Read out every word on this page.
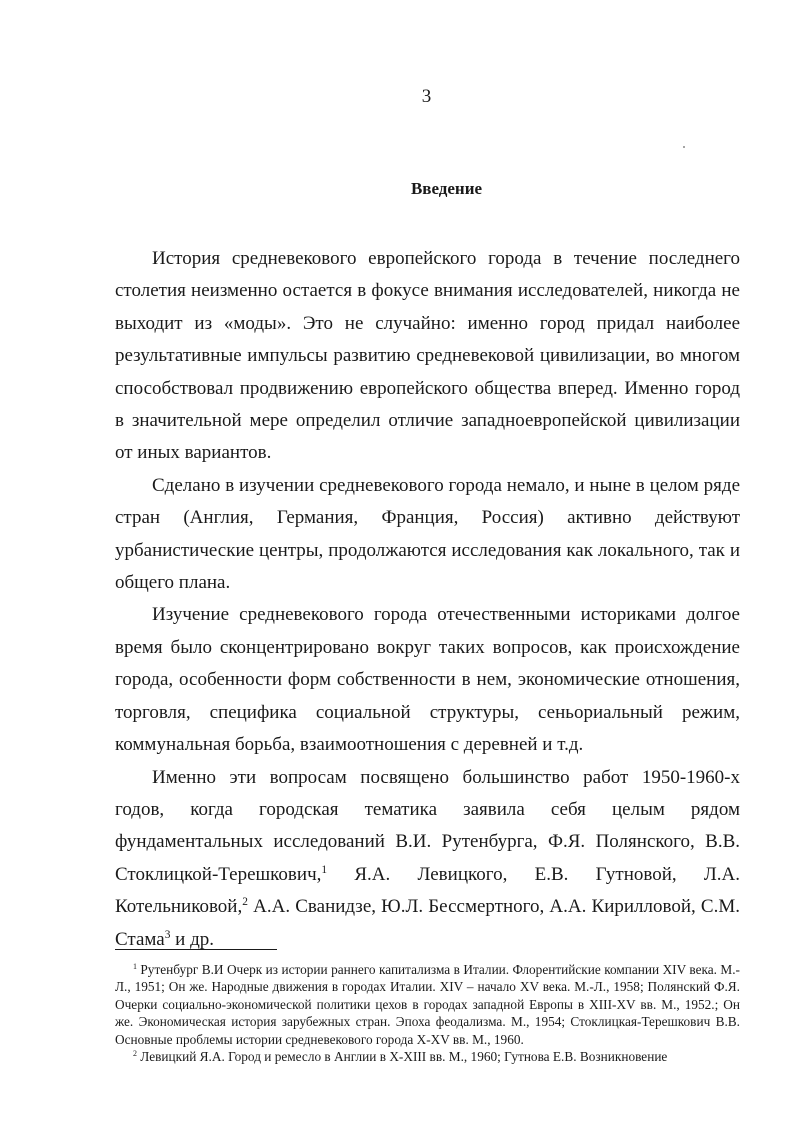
3
Введение

История средневекового европейского города в течение последнего столетия неизменно остается в фокусе внимания исследователей, никогда не выходит из «моды». Это не случайно: именно город придал наиболее результативные импульсы развитию средневековой цивилизации, во многом способствовал продвижению европейского общества вперед. Именно город в значительной мере определил отличие западноевропейской цивилизации от иных вариантов.

Сделано в изучении средневекового города немало, и ныне в целом ряде стран (Англия, Германия, Франция, Россия) активно действуют урбанистические центры, продолжаются исследования как локального, так и общего плана.

Изучение средневекового города отечественными историками долгое время было сконцентрировано вокруг таких вопросов, как происхождение города, особенности форм собственности в нем, экономические отношения, торговля, специфика социальной структуры, сеньориальный режим, коммунальная борьба, взаимоотношения с деревней и т.д.

Именно эти вопросам посвящено большинство работ 1950-1960-х годов, когда городская тематика заявила себя целым рядом фундаментальных исследований В.И. Рутенбурга, Ф.Я. Полянского, В.В. Стоклицкой-Терешкович,$^1$ Я.А. Левицкого, Е.В. Гутновой, Л.А. Котельниковой,$^2$ А.А. Сванидзе, Ю.Л. Бессмертного, А.А. Кирилловой, С.М. Стама$^3$ и др.

$^1$ Рутенбург В.И Очерк из истории раннего капитализма в Италии. Флорентийские компании XIV века. М.-Л., 1951; Он же. Народные движения в городах Италии. XIV – начало XV века. М.-Л., 1958; Полянский Ф.Я. Очерки социально-экономической политики цехов в городах западной Европы в XIII-XV вв. М., 1952.; Он же. Экономическая история зарубежных стран. Эпоха феодализма. М., 1954; Стоклицкая-Терешкович В.В. Основные проблемы истории средневекового города X-XV вв. М., 1960.

$^2$ Левицкий Я.А. Город и ремесло в Англии в X-XIII вв. М., 1960; Гутнова Е.В. Возникновение
